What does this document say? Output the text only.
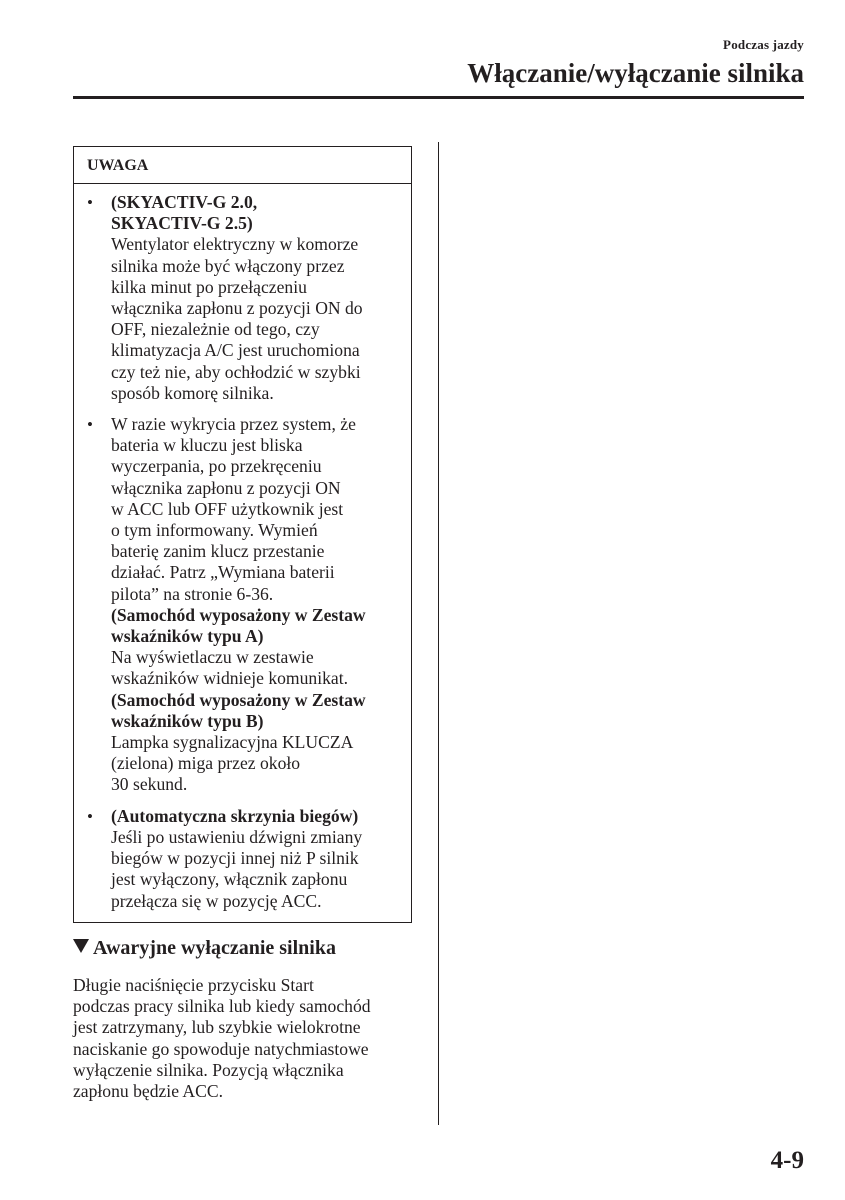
Podczas jazdy
Włączanie/wyłączanie silnika
UWAGA
• (SKYACTIV-G 2.0,
SKYACTIV-G 2.5)
Wentylator elektryczny w komorze
silnika może być włączony przez
kilka minut po przełączeniu
włącznika zapłonu z pozycji ON do
OFF, niezależnie od tego, czy
klimatyzacja A/C jest uruchomiona
czy też nie, aby ochłodzić w szybki
sposób komorę silnika.
• W razie wykrycia przez system, że
bateria w kluczu jest bliska
wyczerpania, po przekręceniu
włącznika zapłonu z pozycji ON
w ACC lub OFF użytkownik jest
o tym informowany. Wymień
baterię zanim klucz przestanie
działać. Patrz „Wymiana baterii
pilota” na stronie 6-36.
(Samochód wyposażony w Zestaw
wskaźników typu A)
Na wyświetlaczu w zestawie
wskaźników widnieje komunikat.
(Samochód wyposażony w Zestaw
wskaźników typu B)
Lampka sygnalizacyjna KLUCZA
(zielona) miga przez około
30 sekund.
• (Automatyczna skrzynia biegów)
Jeśli po ustawieniu dźwigni zmiany
biegów w pozycji innej niż P silnik
jest wyłączony, włącznik zapłonu
przełącza się w pozycję ACC.
Awaryjne wyłączanie silnika
Długie naciśnięcie przycisku Start
podczas pracy silnika lub kiedy samochód
jest zatrzymany, lub szybkie wielokrotne
naciskanie go spowoduje natychmiastowe
wyłączenie silnika. Pozycją włącznika
zapłonu będzie ACC.
4-9
